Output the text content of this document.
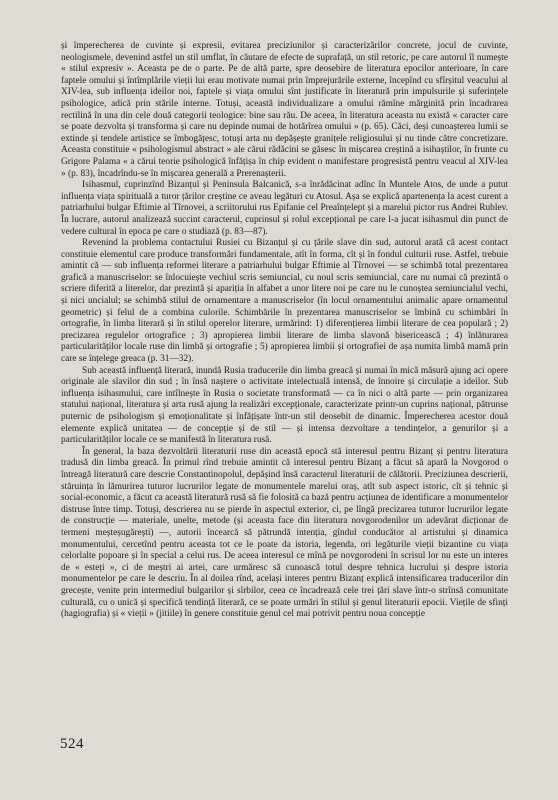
și împerecherea de cuvinte și expresii, evitarea preciziunilor și caracterizărilor concrete, jocul de cuvinte, neologismele, devenind astfel un stil umflat, în căutare de efecte de suprafață, un stil retoric, pe care autorul îl numește « stilul expresiv ». Aceasta pe de o parte. Pe de altă parte, spre deosebire de literatura epocilor anterioare, în care faptele omului și întîmplările vieții lui erau motivate numai prin împrejurările externe, începînd cu sfîrșitul veacului al XIV-lea, sub influența ideilor noi, faptele și viața omului sînt justificate în literatură prin impulsurile și suferințele psihologice, adică prin stările interne. Totuși, această individualizare a omului rămîne mărginită prin încadrarea rectilină în una din cele două categorii teologice: bine sau rău. De aceea, în literatura aceasta nu există « caracter care se poate dezvolta și transforma și care nu depinde numai de hotărîrea omului » (p. 65). Căci, deși cunoașterea lumii se extinde și tendele artistice se îmbogățesc, totuși arta nu depășește granițele religiosului și nu tinde către concretizare. Aceasta constituie « psihologismul abstract » ale cărui rădăcini se găsesc în mișcarea creștină a isihaștilor, în frunte cu Grigore Palama « a cărui teorie psihologică înfățișa în chip evident o manifestare progresistă pentru veacul al XIV-lea » (p. 83), încadrîndu-se în mișcarea generală a Prerenașterii.

Isihasmul, cuprinzînd Bizanțul și Peninsula Balcanică, s-a înrădăcinat adînc în Muntele Atos, de unde a putut influența viața spirituală a turor țărilor creștine ce aveau legături cu Atosul. Așa se explică apartenența la acest curent a patriarhului bulgar Eftimie al Tîrnovei, a scriitorului rus Epifanie cel Preaînțelept și a marelui pictor rus Andrei Rublev. În lucrare, autorul analizează succint caracterul, cuprinsul și rolul excepțional pe care l-a jucat isihasmul din punct de vedere cultural în epoca pe care o studiază (p. 83—87).

Revenind la problema contactului Rusiei cu Bizanțul și cu țările slave din sud, autorul arată că acest contact constituie elementul care produce transformări fundamentale, atît în forma, cît și în fondul culturii ruse. Astfel, trebuie amintit că — sub influența reformei literare a patriarhului bulgar Eftimie al Tîrnovei — se schimbă total prezentarea grafică a manuscriselor: se înlocuiește vechiul scris semiuncial, cu noul scris semiuncial, care nu numai că prezintă o scriere diferită a literelor, dar prezintă și apariția în alfabet a unor litere noi pe care nu le cunoștea semiuncialul vechi, și nici uncialul; se schimbă stilul de ornamentare a manuscriselor (în locul ornamentului animalic apare ornamentul geometric) și felul de a combina culorile. Schimbările în prezentarea manuscriselor se îmbină cu schimbări în ortografie, în limba literară și în stilul operelor literare, urmărind: 1) diferențierea limbii literare de cea populară ; 2) precizarea regulelor ortografice ; 3) apropierea limbii literare de limba slavonă bisericească ; 4) înlăturarea particularităților locale ruse din limbă și ortografie ; 5) apropierea limbii și ortografiei de așa numita limbă mamă prin care se înțelege greaca (p. 31—32).

Sub această influență literară, inundă Rusia traducerile din limba greacă și numai în mică măsură ajung aci opere originale ale slavilor din sud ; în însă naștere o activitate intelectuală intensă, de înnoire și circulație a ideilor. Sub influența isihasmului, care intîlnește în Rusia o societate transformată — ca în nici o altă parte — prin organizarea statului național, literatura și arta rusă ajung la realizări excepționale, caracterizate printr-un cuprins național, pătrunse puternic de psihologism și emoționalitate și înfățișate într-un stil deosebit de dinamic. Împerecherea acestor două elemente explică unitatea — de concepție și de stil — și intensa dezvoltare a tendințelor, a genurilor și a particularităților locale ce se manifestă în literatura rusă.

În general, la baza dezvoltării literaturii ruse din această epocă stă interesul pentru Bizanț și pentru literatura tradusă din limba greacă. În primul rînd trebuie amintit că interesul pentru Bizanț a făcut să apară la Novgorod o întreagă literatură care descrie Constantinopolul, depășind însă caracterul literaturii de călătorii. Preciziunea descrierii, stăruința în lămurirea tuturor lucrurilor legate de monumentele marelui oraș, atît sub aspect istoric, cît și tehnic și social-economic, a făcut ca această literatură rusă să fie folosită ca bază pentru acțiunea de identificare a monumentelor distruse între timp. Totuși, descrierea nu se pierde în aspectul exterior, ci, pe lîngă precizarea tuturor lucrurilor legate de construcție — materiale, unelte, metode (și aceasta face din literatura novgorodenilor un adevărat dicționar de termeni meșteșugărești) —, autorii încearcă să pătrundă intenția, gîndul conducător al artistului și dinamica monumentului, cercetînd pentru aceasta tot ce le poate da istoria, legenda, ori legăturile vieții bizantine cu viața celorlalte popoare și în special a celui rus. De aceea interesul ce mînă pe novgorodeni în scrisul lor nu este un interes de « esteți », ci de meștri ai artei, care urmăresc să cunoască totul despre tehnica lucrului și despre istoria monumentelor pe care le descriu. În al doilea rînd, același interes pentru Bizanț explică intensificarea traducerilor din grecește, venite prin intermediul bulgarilor și sîrbilor, ceea ce încadrează cele trei țări slave într-o strînsă comunitate culturală, cu o unică și specifică tendință literară, ce se poate urmări în stilul și genul literaturii epocii. Viețile de sfinți (hagiografia) și « vieții » (jitiile) în genere constituie genul cel mai potrivit pentru noua concepție

524
